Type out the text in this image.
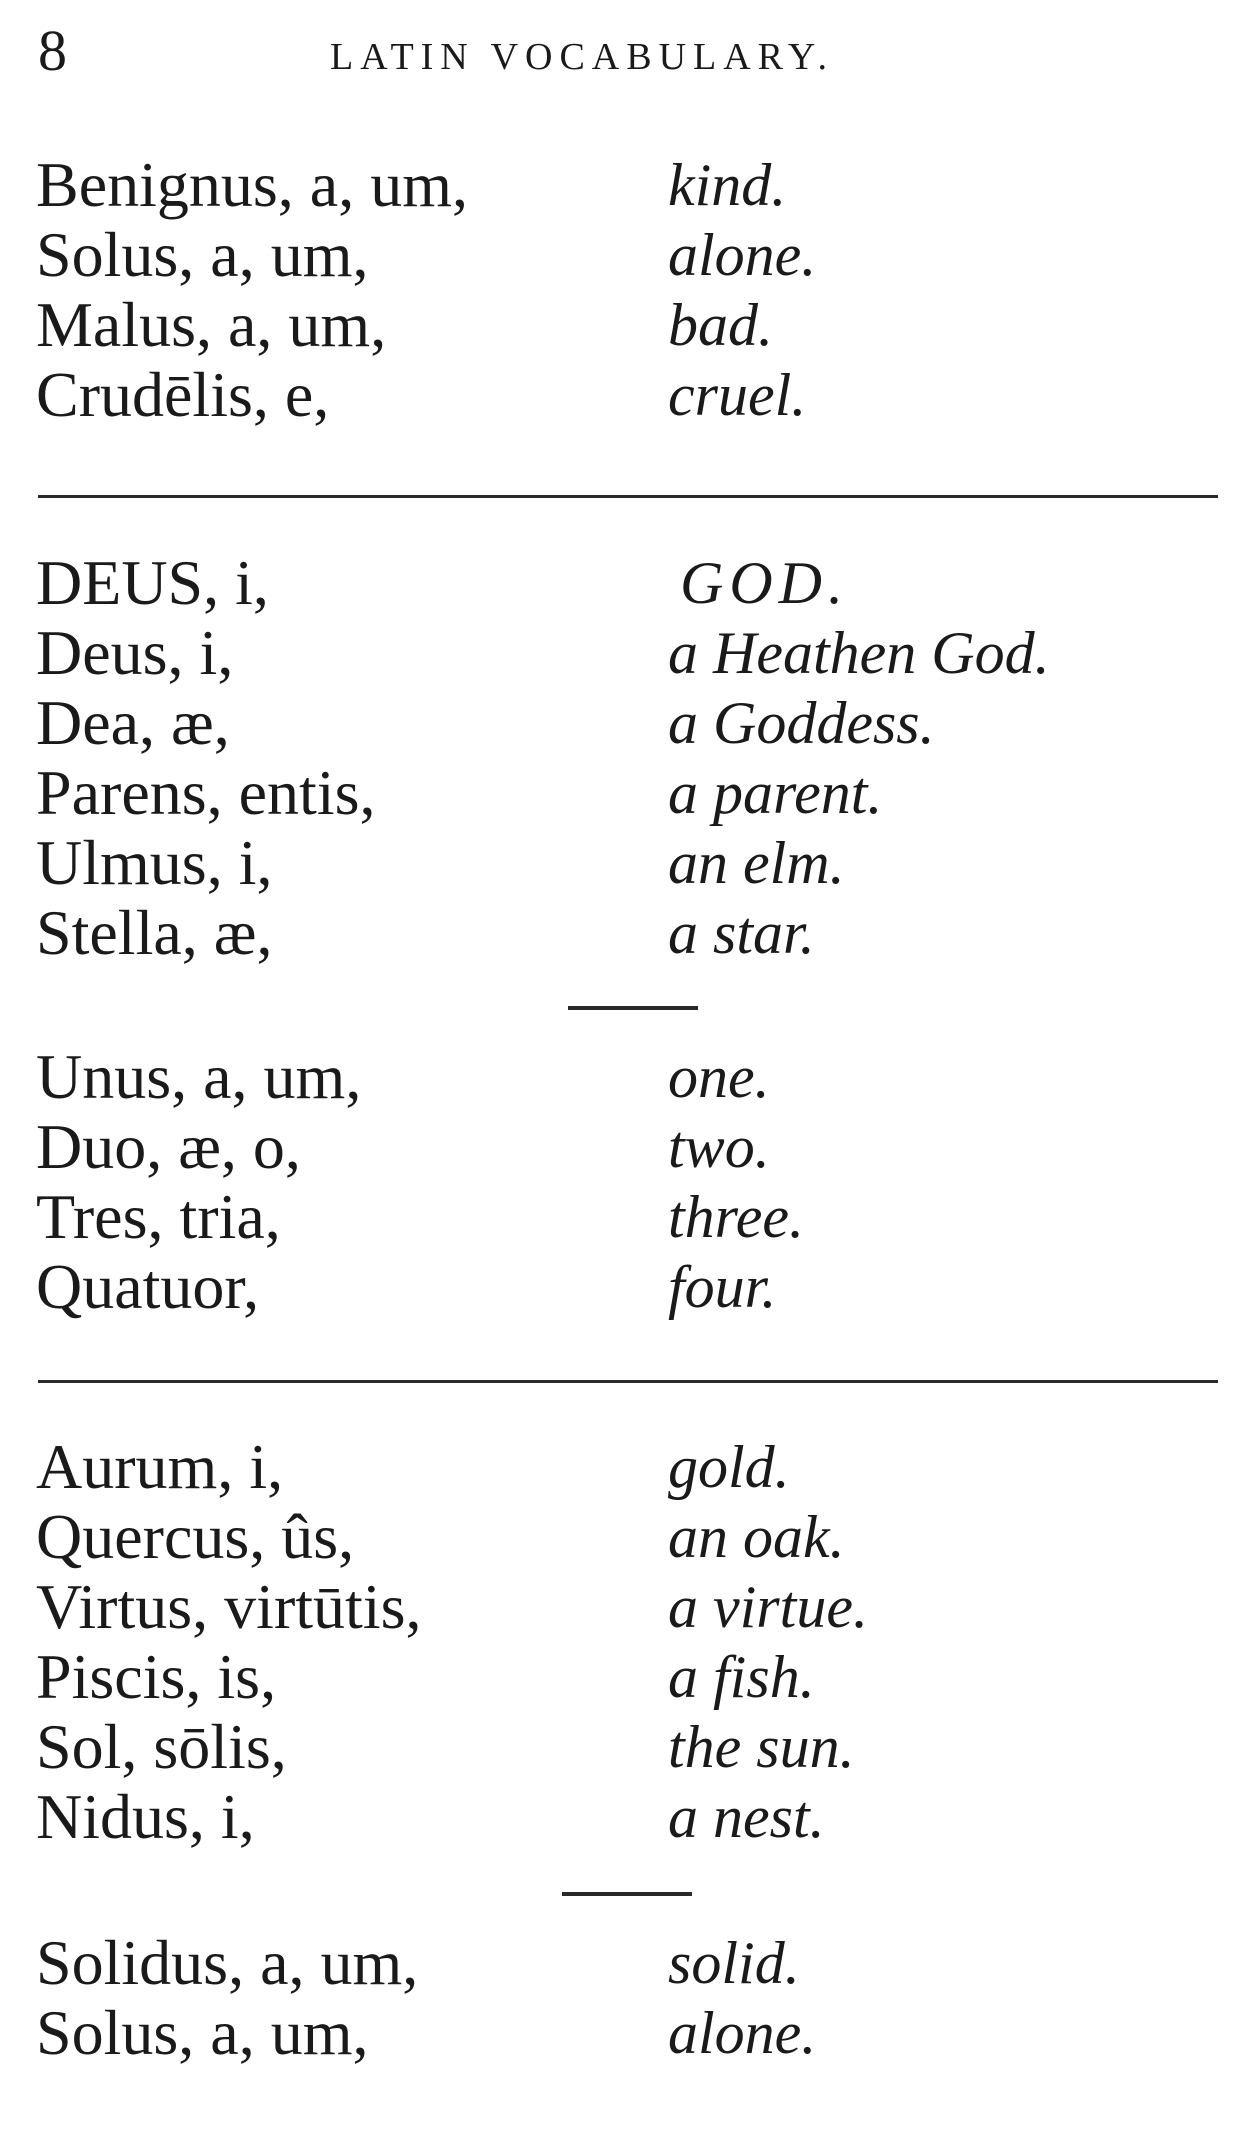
8	LATIN VOCABULARY.
Benignus, a, um,	kind.
Solus, a, um,	alone.
Malus, a, um,	bad.
Crudēlis, e,	cruel.
DEUS, i,	GOD.
Deus, i,	a Heathen God.
Dea, æ,	a Goddess.
Parens, entis,	a parent.
Ulmus, i,	an elm.
Stella, æ,	a star.
Unus, a, um,	one.
Duo, æ, o,	two.
Tres, tria,	three.
Quatuor,	four.
Aurum, i,	gold.
Quercus, ûs,	an oak.
Virtus, virtūtis,	a virtue.
Piscis, is,	a fish.
Sol, sōlis,	the sun.
Nidus, i,	a nest.
Solidus, a, um,	solid.
Solus, a, um,	alone.
